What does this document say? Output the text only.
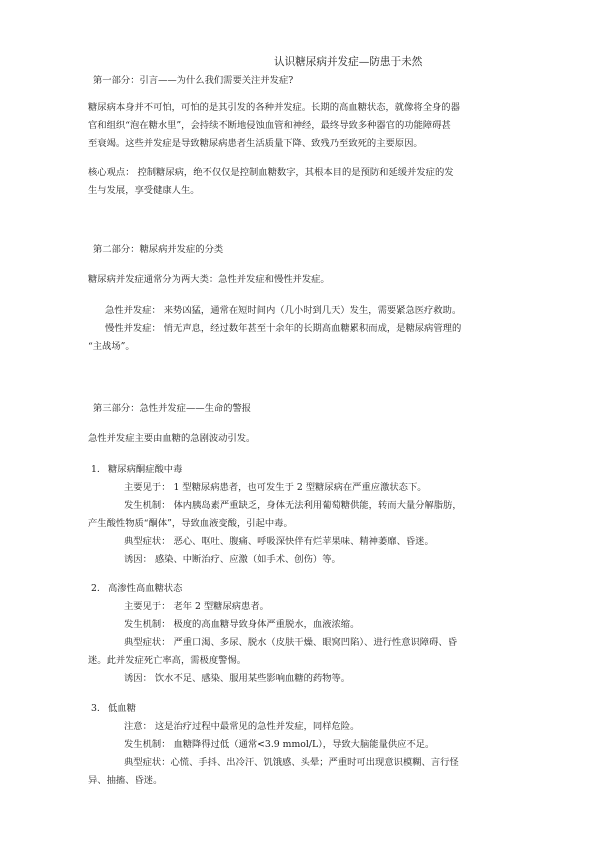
认识糖尿病并发症—防患于未然
第一部分：引言——为什么我们需要关注并发症?
糖尿病本身并不可怕，可怕的是其引发的各种并发症。长期的高血糖状态，就像将全身的器
官和组织“泡在糖水里”，会持续不断地侵蚀血管和神经，最终导致多种器官的功能障碍甚
至衰竭。这些并发症是导致糖尿病患者生活质量下降、致残乃至致死的主要原因。
核心观点： 控制糖尿病，绝不仅仅是控制血糖数字，其根本目的是预防和延缓并发症的发
生与发展，享受健康人生。
第二部分：糖尿病并发症的分类
糖尿病并发症通常分为两大类：急性并发症和慢性并发症。
急性并发症： 来势凶猛，通常在短时间内（几小时到几天）发生，需要紧急医疗救助。
慢性并发症： 悄无声息，经过数年甚至十余年的长期高血糖累积而成，是糖尿病管理的
“主战场”。
第三部分：急性并发症——生命的警报
急性并发症主要由血糖的急剧波动引发。
1. 糖尿病酮症酸中毒
主要见于： 1 型糖尿病患者，也可发生于 2 型糖尿病在严重应激状态下。
发生机制： 体内胰岛素严重缺乏，身体无法利用葡萄糖供能，转而大量分解脂肪，
产生酸性物质“酮体”，导致血液变酸，引起中毒。
典型症状： 恶心、呕吐、腹痛、呼吸深快伴有烂苹果味、精神萎靡、昏迷。
诱因： 感染、中断治疗、应激（如手术、创伤）等。
2. 高渗性高血糖状态
主要见于： 老年 2 型糖尿病患者。
发生机制： 极度的高血糖导致身体严重脱水，血液浓缩。
典型症状： 严重口渴、多尿、脱水（皮肤干燥、眼窝凹陷）、进行性意识障碍、昏
迷。此并发症死亡率高，需极度警惕。
诱因： 饮水不足、感染、服用某些影响血糖的药物等。
3. 低血糖
注意： 这是治疗过程中最常见的急性并发症，同样危险。
发生机制： 血糖降得过低（通常<3.9 mmol/L），导致大脑能量供应不足。
典型症状：心慌、手抖、出冷汗、饥饿感、头晕；严重时可出现意识模糊、言行怪
异、抽搐、昏迷。
